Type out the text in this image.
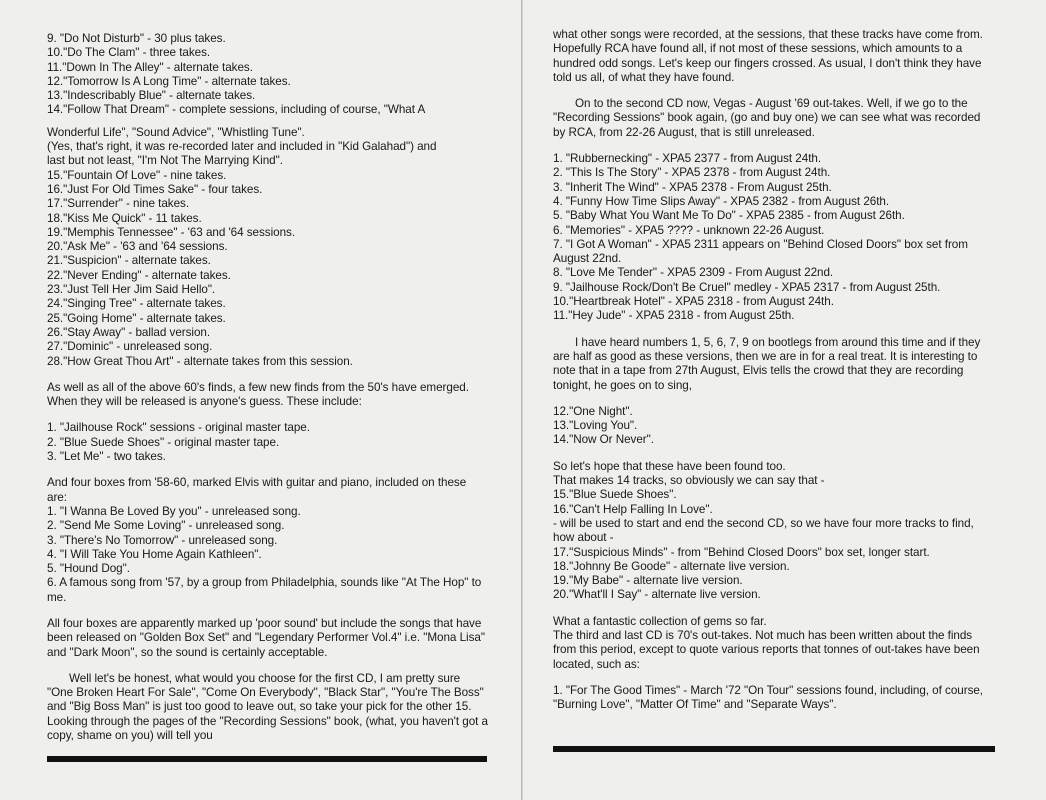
9. "Do Not Disturb" - 30 plus takes.

10."Do The Clam" - three takes.

11."Down In The Alley" - alternate takes.

12."Tomorrow Is A Long Time" - alternate takes.

13."Indescribably Blue" - alternate takes.

14."Follow That Dream" - complete sessions, including of course, "What A

Wonderful Life", "Sound Advice", "Whistling Tune".

(Yes, that's right, it was re-recorded later and included in "Kid Galahad") and

last but not least, "I'm Not The Marrying Kind".

15."Fountain Of Love" - nine takes.

16."Just For Old Times Sake" - four takes.

17."Surrender" - nine takes.

18."Kiss Me Quick" - 11 takes.

19."Memphis Tennessee" - '63 and '64 sessions.

20."Ask Me" - '63 and '64 sessions.

21."Suspicion" - alternate takes.

22."Never Ending" - alternate takes.

23."Just Tell Her Jim Said Hello".

24."Singing Tree" - alternate takes.

25."Going Home" - alternate takes.

26."Stay Away" - ballad version.

27."Dominic" - unreleased song.

28."How Great Thou Art" - alternate takes from this session.

As well as all of the above 60's finds, a few new finds from the 50's have emerged. When they will be released is anyone's guess. These include:

1. "Jailhouse Rock" sessions - original master tape.

2. "Blue Suede Shoes" - original master tape.

3. "Let Me" - two takes.

And four boxes from '58-60, marked Elvis with guitar and piano, included on these are:

1. "I Wanna Be Loved By you" - unreleased song.

2. "Send Me Some Loving" - unreleased song.

3. "There's No Tomorrow" - unreleased song.

4. "I Will Take You Home Again Kathleen".

5. "Hound Dog".

6. A famous song from '57, by a group from Philadelphia, sounds like "At The Hop" to me.

All four boxes are apparently marked up 'poor sound' but include the songs that have been released on "Golden Box Set" and "Legendary Performer Vol.4" i.e. "Mona Lisa" and "Dark Moon", so the sound is certainly acceptable.

Well let's be honest, what would you choose for the first CD, I am pretty sure "One Broken Heart For Sale", "Come On Everybody", "Black Star", "You're The Boss" and "Big Boss Man" is just too good to leave out, so take your pick for the other 15. Looking through the pages of the "Recording Sessions" book, (what, you haven't got a copy, shame on you) will tell you

what other songs were recorded, at the sessions, that these tracks have come from. Hopefully RCA have found all, if not most of these sessions, which amounts to a hundred odd songs. Let's keep our fingers crossed. As usual, I don't think they have told us all, of what they have found.

On to the second CD now, Vegas - August '69 out-takes. Well, if we go to the "Recording Sessions" book again, (go and buy one) we can see what was recorded by RCA, from 22-26 August, that is still unreleased.

1. "Rubbernecking" - XPA5 2377 - from August 24th.

2. "This Is The Story" - XPA5 2378 - from August 24th.

3. "Inherit The Wind" - XPA5 2378 - From August 25th.

4. "Funny How Time Slips Away" - XPA5 2382 - from August 26th.

5. "Baby What You Want Me To Do" - XPA5 2385 - from August 26th.

6. "Memories" - XPA5 ???? - unknown 22-26 August.

7. "I Got A Woman" - XPA5 2311 appears on "Behind Closed Doors" box set from August 22nd.

8. "Love Me Tender" - XPA5 2309 - From August 22nd.

9. "Jailhouse Rock/Don't Be Cruel" medley - XPA5 2317 - from August 25th.

10."Heartbreak Hotel" - XPA5 2318 - from August 24th.

11."Hey Jude" - XPA5 2318 - from August 25th.

I have heard numbers 1, 5, 6, 7, 9 on bootlegs from around this time and if they are half as good as these versions, then we are in for a real treat. It is interesting to note that in a tape from 27th August, Elvis tells the crowd that they are recording tonight, he goes on to sing,

12."One Night".

13."Loving You".

14."Now Or Never".

So let's hope that these have been found too.

That makes 14 tracks, so obviously we can say that -

15."Blue Suede Shoes".

16."Can't Help Falling In Love".

- will be used to start and end the second CD, so we have four more tracks to find, how about -

17."Suspicious Minds" - from "Behind Closed Doors" box set, longer start.

18."Johnny Be Goode" - alternate live version.

19."My Babe" - alternate live version.

20."What'll I Say" - alternate live version.

What a fantastic collection of gems so far.

The third and last CD is 70's out-takes. Not much has been written about the finds from this period, except to quote various reports that tonnes of out-takes have been located, such as:

1. "For The Good Times" - March '72 "On Tour" sessions found, including, of course, "Burning Love", "Matter Of Time" and "Separate Ways".
